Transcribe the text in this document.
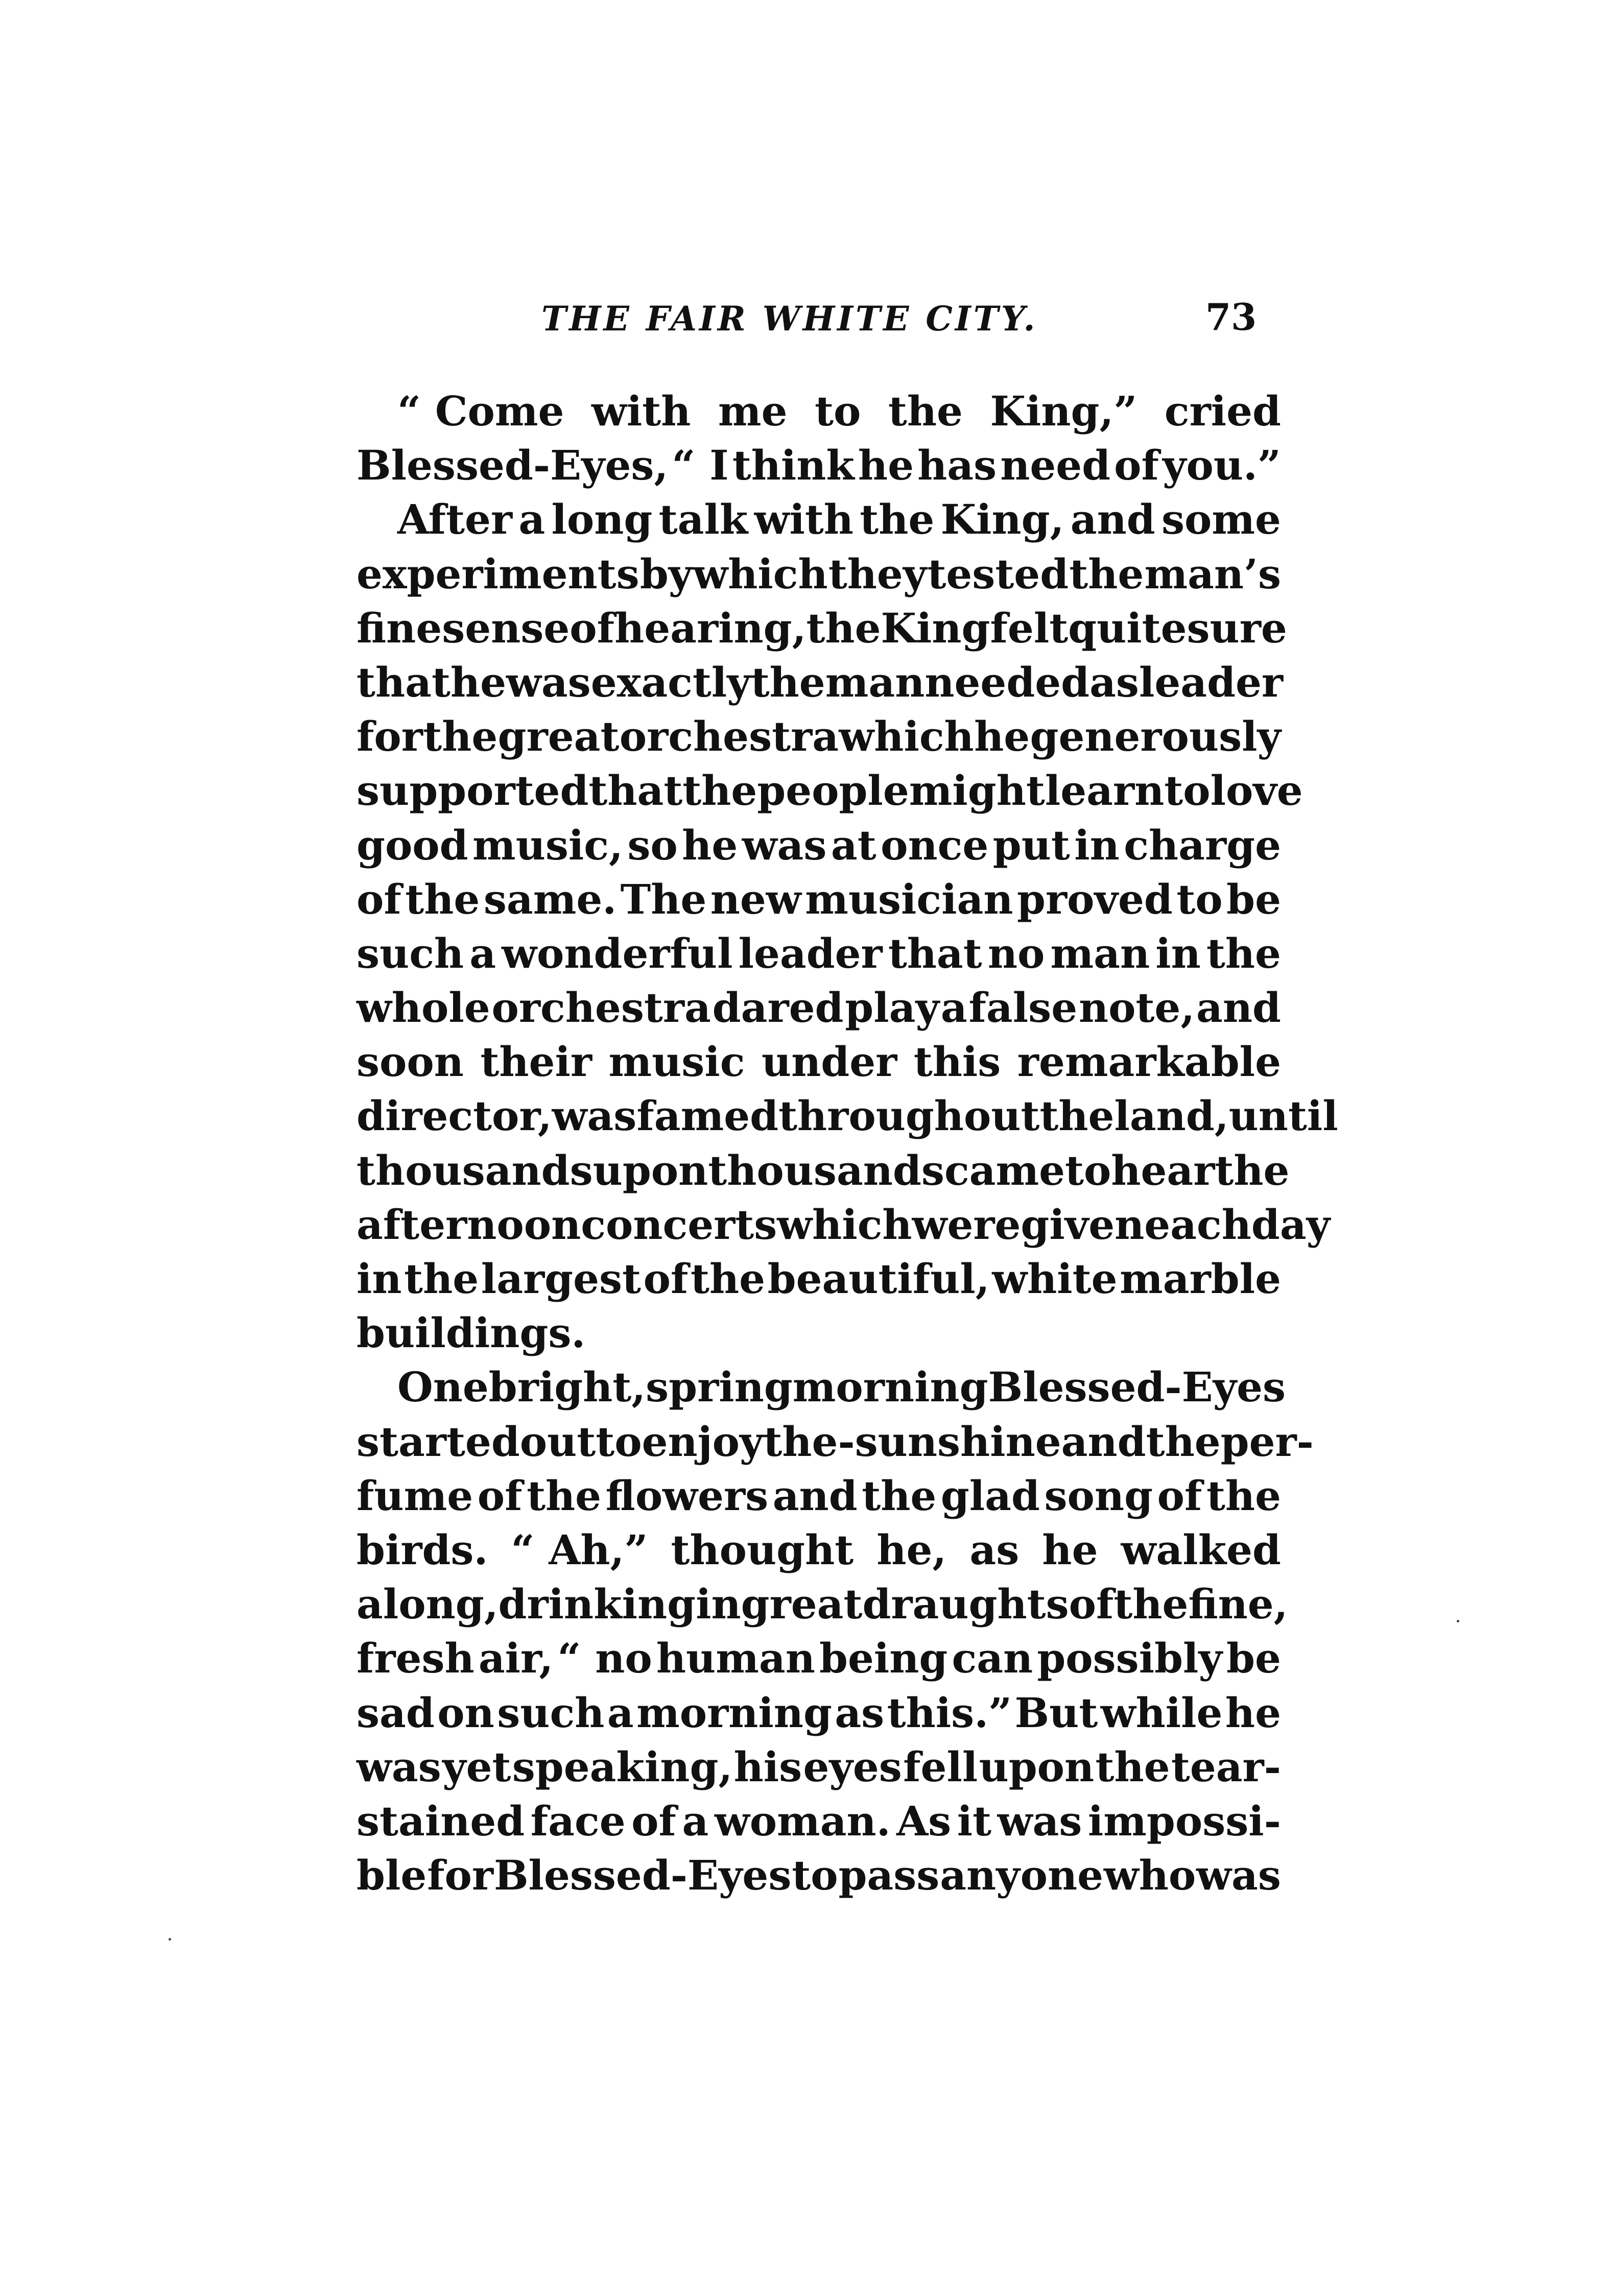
THE FAIR WHITE CITY.	73
“ Come with me to the King,” cried
Blessed-Eyes, “ I think he has need of you.”
After a long talk with the King, and some
experiments by which they tested the man’s
fine sense of hearing, the King felt quite sure
that he was exactly the man needed as leader
for the great orchestra which he generously
supported that the people might learn to love
good music, so he was at once put in charge
of the same. The new musician proved to be
such a wonderful leader that no man in the
whole orchestra dared play a false note, and
soon their music under this remarkable
director, was famed throughout the land, until
thousands upon thousands came to hear the
afternoon concerts which were given each day
in the largest of the beautiful, white marble
buildings.
One bright, spring morning Blessed-Eyes
started out to enjoy the-sunshine and the per-
fume of the flowers and the glad song of the
birds. “ Ah,” thought he, as he walked
along, drinking in great draughts of the fine,
fresh air, “ no human being can possibly be
sad on such a morning as this.” But while he
was yet speaking, his eyes fell upon the tear-
stained face of a woman. As it was impossi-
ble for Blessed-Eyes to pass any one who was
